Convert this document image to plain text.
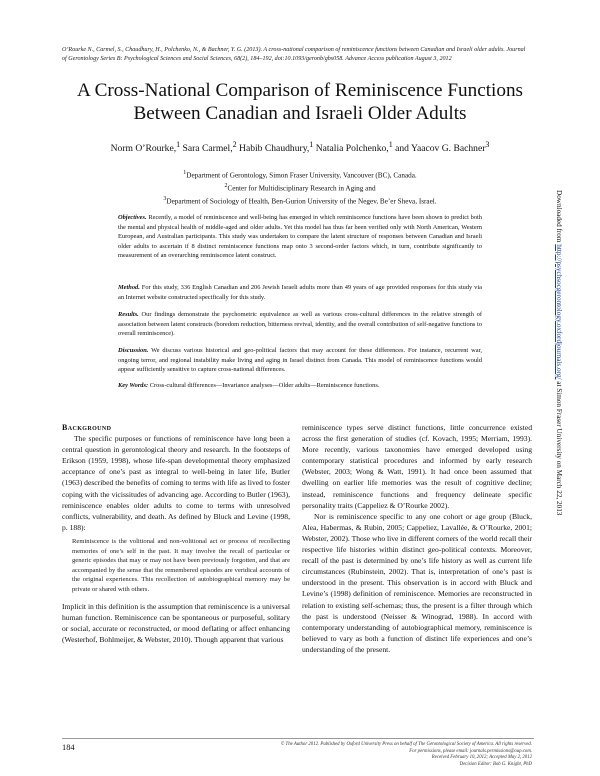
O’Rourke N., Carmel, S., Chaudhury, H., Polchenko, N., & Bachner, Y. G. (2013). A cross-national comparison of reminiscence functions between Canadian and Israeli older adults. Journal of Gerontology Series B: Psychological Sciences and Social Sciences, 68(2), 184–192, doi:10.1093/geronb/gbs058. Advance Access publication August 3, 2012
A Cross-National Comparison of Reminiscence Functions
Between Canadian and Israeli Older Adults
Norm O’Rourke,$^1$ Sara Carmel,$^2$ Habib Chaudhury,$^1$ Natalia Polchenko,$^1$ and Yaacov G. Bachner$^3$
$^1$Department of Gerontology, Simon Fraser University, Vancouver (BC), Canada.
$^2$Center for Multidisciplinary Research in Aging and
$^3$Department of Sociology of Health, Ben-Gurion University of the Negev, Be’er Sheva, Israel.
Objectives. Recently, a model of reminiscence and well-being has emerged in which reminiscence functions have been shown to predict both the mental and physical health of middle-aged and older adults. Yet this model has thus far been verified only with North American, Western European, and Australian participants. This study was undertaken to compare the latent structure of responses between Canadian and Israeli older adults to ascertain if 8 distinct reminiscence functions map onto 3 second-order factors which, in turn, contribute significantly to measurement of an overarching reminiscence latent construct.
Method. For this study, 336 English Canadian and 206 Jewish Israeli adults more than 49 years of age provided responses for this study via an Internet website constructed specifically for this study.
Results. Our findings demonstrate the psychometric equivalence as well as various cross-cultural differences in the relative strength of association between latent constructs (boredom reduction, bitterness revival, identity, and the overall contribution of self-negative functions to overall reminiscence).
Discussion. We discuss various historical and geo-political factors that may account for these differences. For instance, recurrent war, ongoing terror, and regional instability make living and aging in Israel distinct from Canada. This model of reminiscence functions would appear sufficiently sensitive to capture cross-national differences.
Key Words: Cross-cultural differences—Invariance analyses—Older adults—Reminiscence functions.
Downloaded from http://psychsocgerontology.oxfordjournals.org/ at Simon Fraser University on March 22, 2013
Background

The specific purposes or functions of reminiscence have long been a central question in gerontological theory and research. In the footsteps of Erikson (1959, 1998), whose life-span developmental theory emphasized acceptance of one’s past as integral to well-being in later life, Butler (1963) described the benefits of coming to terms with life as lived to foster coping with the vicissitudes of advancing age. According to Butler (1963), reminiscence enables older adults to come to terms with unresolved conflicts, vulnerability, and death. As defined by Bluck and Levine (1998, p. 188):

Reminiscence is the volitional and non-volitional act or process of recollecting memories of one’s self in the past. It may involve the recall of particular or generic episodes that may or may not have been previously forgotten, and that are accompanied by the sense that the remembered episodes are veridical accounts of the original experiences. This recollection of autobiographical memory may be private or shared with others.

Implicit in this definition is the assumption that reminiscence is a universal human function. Reminiscence can be spontaneous or purposeful, solitary or social, accurate or reconstructed, or mood deflating or affect enhancing (Westerhof, Bohlmeijer, & Webster, 2010). Though apparent that various

reminiscence types serve distinct functions, little concurrence existed across the first generation of studies (cf. Kovach, 1995; Merriam, 1993). More recently, various taxonomies have emerged developed using contemporary statistical procedures and informed by early research (Webster, 2003; Wong & Watt, 1991). It had once been assumed that dwelling on earlier life memories was the result of cognitive decline; instead, reminiscence functions and frequency delineate specific personality traits (Cappeliez & O’Rourke 2002).

Nor is reminiscence specific to any one cohort or age group (Bluck, Alea, Habermas, & Rubin, 2005; Cappeliez, Lavallée, & O’Rourke, 2001; Webster, 2002). Those who live in different corners of the world recall their respective life histories within distinct geo-political contexts. Moreover, recall of the past is determined by one’s life history as well as current life circumstances (Rubinstein, 2002). That is, interpretation of one’s past is understood in the present. This observation is in accord with Bluck and Levine’s (1998) definition of reminiscence. Memories are reconstructed in relation to existing self-schemas; thus, the present is a filter through which the past is understood (Neisser & Winograd, 1988). In accord with contemporary understanding of autobiographical memory, reminiscence is believed to vary as both a function of distinct life experiences and one’s understanding of the present.

184	© The Author 2012. Published by Oxford University Press on behalf of The Gerontological Society of America. All rights reserved. For permissions, please email: journals.permissions@oup.com.
Received February 10, 2012; Accepted May 2, 2012
Decision Editor: Bob G. Knight, PhD
